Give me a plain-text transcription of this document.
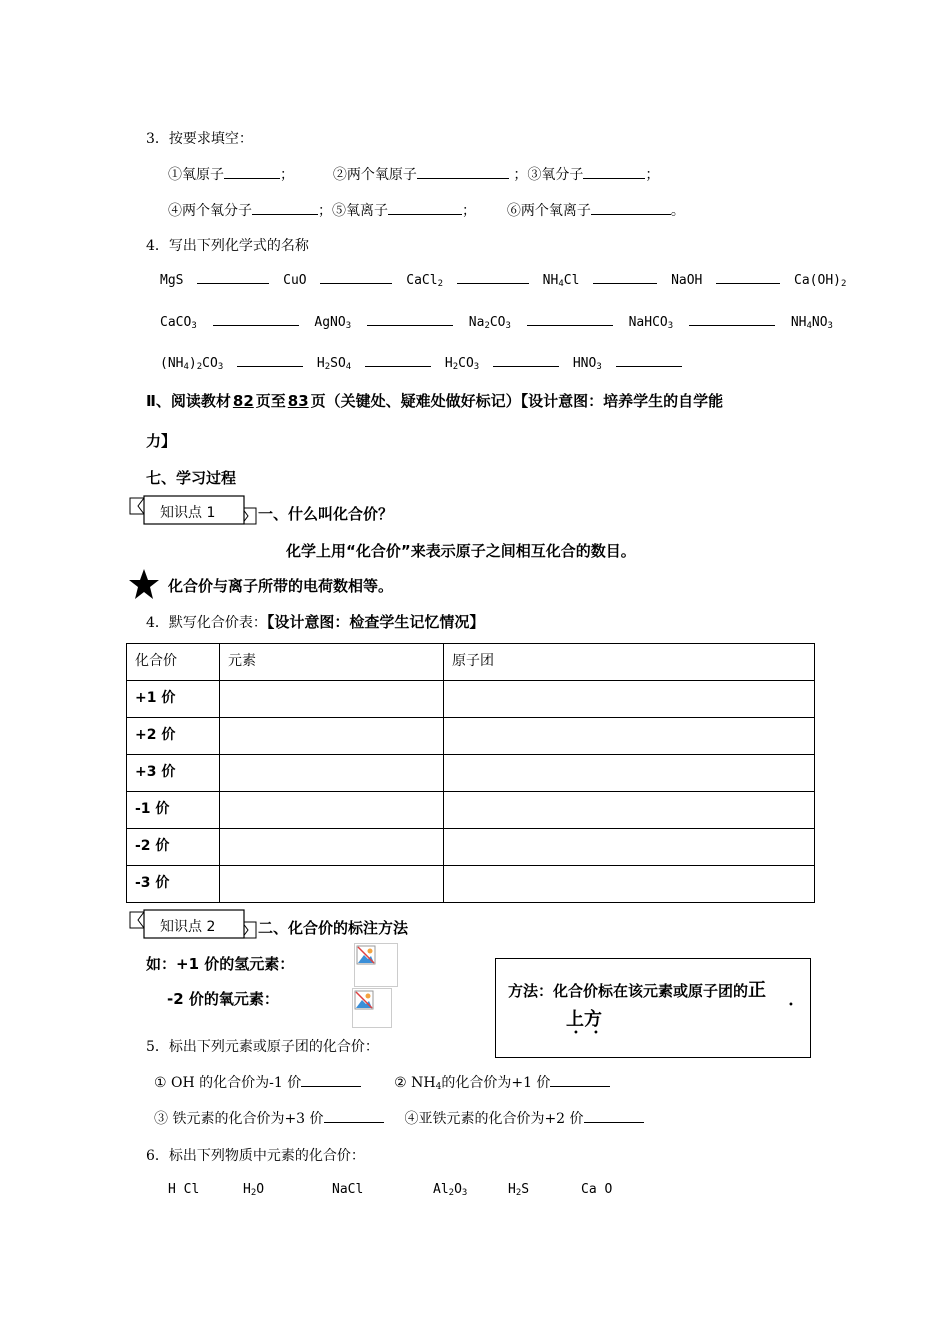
3．按要求填空：
①氧原子	；	②两个氧原子	；③氧分子	；
④两个氧分子	；⑤氧离子	； ⑥两个氧离子	。
4．写出下列化学式的名称
MgS	CuO	CaCl$_2$	$NH_4Cl$	NaOH	$Ca(OH)_2$
CaCO$_3$	AgNO$_3$	$Na_2CO_3$	NaHCO$_3$	$NH_4NO_3$
$(NH_4)_2CO_3$	$H_2SO_4$	$H_2CO_3$	$HNO_3$
Ⅱ、阅读教材 82 页至 83 页（关键处、疑难处做好标记）【设计意图：培养学生的自学能
力】
七、学习过程
知识点 1	一、什么叫化合价？
化学上用“化合价”来表示原子之间相互化合的数目。
化合价与离子所带的电荷数相等。
4．默写化合价表：【设计意图：检查学生记忆情况】
化合价	元素	原子团
+1 价		
+2 价		
+3 价		
-1 价		
-2 价		
-3 价		
知识点 2	二、化合价的标注方法
如：+1 价的氢元素：
-2 价的氧元素：	方法：化合价标在该元素或原子团的正
•
上方
• •
5．标出下列元素或原子团的化合价：
① OH 的化合价为-1 价	② $NH_4$的化合价为+1 价
③ 铁元素的化合价为+3 价	④亚铁元素的化合价为+2 价
6．标出下列物质中元素的化合价：
H Cl	$H_2O$	NaCl	$Al_2O_3$	$H_2S$	Ca O
